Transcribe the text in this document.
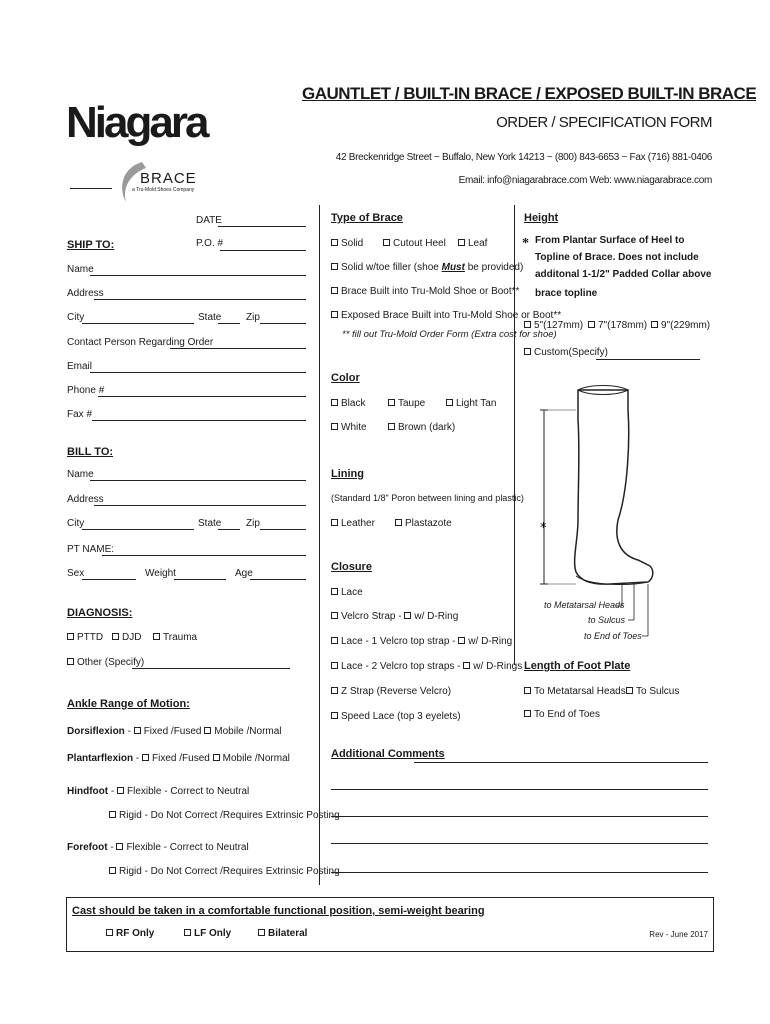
GAUNTLET / BUILT-IN BRACE / EXPOSED BUILT-IN BRACE
ORDER / SPECIFICATION FORM
42 Breckenridge Street ~ Buffalo, New York 14213 ~ (800) 843-6653 ~ Fax (716) 881-0406
Email: info@niagarabrace.com Web: www.niagarabrace.com
Niagara
BRACE
a Tru-Mold Shoes Company
DATE
SHIP TO:	P.O. #
Name
Address
City	State Zip
Contact Person Regarding Order
Email
Phone #
Fax #
BILL TO:
Name
Address
City	State Zip
PT NAME:
Sex	Weight	Age
DIAGNOSIS:
PTTD	DJD	Trauma
Other (Specify)
Ankle Range of Motion:
Dorsiflexion - Fixed /Fused Mobile /Normal
Plantarflexion - Fixed /Fused Mobile /Normal
Hindfoot - Flexible - Correct to Neutral
Rigid - Do Not Correct /Requires Extrinsic Posting
Forefoot - Flexible - Correct to Neutral
Rigid - Do Not Correct /Requires Extrinsic Posting
Type of Brace
Solid	Cutout Heel	Leaf
Solid w/toe filler (shoe Must be provided)
Brace Built into Tru-Mold Shoe or Boot**
Exposed Brace Built into Tru-Mold Shoe or Boot**
** fill out Tru-Mold Order Form (Extra cost for shoe)
Color
Black	Taupe	Light Tan
White	Brown (dark)
Lining
(Standard 1/8" Poron between lining and plastic)
Leather	Plastazote
Closure
Lace
Velcro Strap - w/ D-Ring
Lace - 1 Velcro top strap - w/ D-Ring
Lace - 2 Velcro top straps - w/ D-Rings
Z Strap (Reverse Velcro)
Speed Lace (top 3 eyelets)
Additional Comments
Height
* From Plantar Surface of Heel to
Topline of Brace. Does not include
additonal 1-1/2" Padded Collar above
brace topline
5"(127mm)	7"(178mm)	9"(229mm)
Custom(Specify)
*
to Metatarsal Heads
to Sulcus
to End of Toes
Length of Foot Plate
To Metatarsal Heads	To Sulcus
To End of Toes
Cast should be taken in a comfortable functional position, semi-weight bearing
RF Only	LF Only	Bilateral	Rev - June 2017
